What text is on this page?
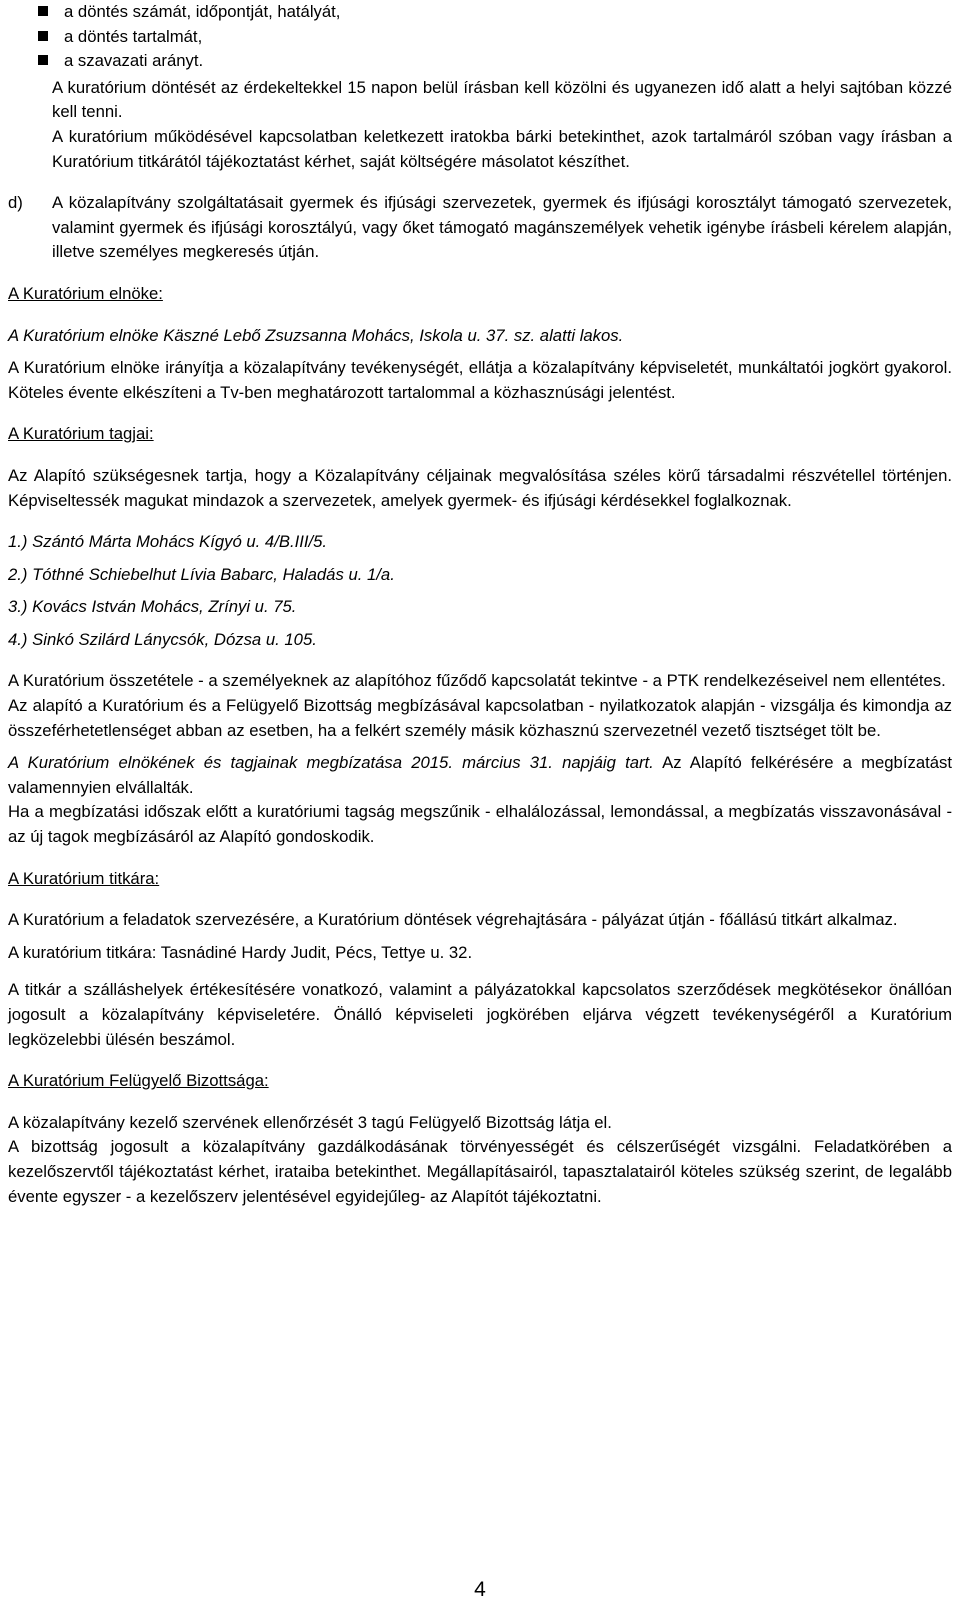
a döntés számát, időpontját, hatályát,
a döntés tartalmát,
a szavazati arányt.

A kuratórium döntését az érdekeltekkel 15 napon belül írásban kell közölni és ugyanezen idő alatt a helyi sajtóban közzé kell tenni.

A kuratórium működésével kapcsolatban keletkezett iratokba bárki betekinthet, azok tartalmáról szóban vagy írásban a Kuratórium titkárától tájékoztatást kérhet, saját költségére másolatot készíthet.

d)	A közalapítvány szolgáltatásait gyermek és ifjúsági szervezetek, gyermek és ifjúsági korosztályt támogató szervezetek, valamint gyermek és ifjúsági korosztályú, vagy őket támogató magánszemélyek vehetik igénybe írásbeli kérelem alapján, illetve személyes megkeresés útján.

A Kuratórium elnöke:

A Kuratórium elnöke Käszné Lebő Zsuzsanna Mohács, Iskola u. 37. sz. alatti lakos.

A Kuratórium elnöke irányítja a közalapítvány tevékenységét, ellátja a közalapítvány képviseletét, munkáltatói jogkört gyakorol. Köteles évente elkészíteni a Tv-ben meghatározott tartalommal a közhasznúsági jelentést.

A Kuratórium tagjai:

Az Alapító szükségesnek tartja, hogy a Közalapítvány céljainak megvalósítása széles körű társadalmi részvétellel történjen. Képviseltessék magukat mindazok a szervezetek, amelyek gyermek- és ifjúsági kérdésekkel foglalkoznak.

1.) Szántó Márta Mohács Kígyó u. 4/B.III/5.

2.) Tóthné Schiebelhut Lívia Babarc, Haladás u. 1/a.

3.) Kovács István Mohács, Zrínyi u. 75.

4.) Sinkó Szilárd Lánycsók, Dózsa u. 105.

A Kuratórium összetétele - a személyeknek az alapítóhoz fűződő kapcsolatát tekintve - a PTK rendelkezéseivel nem ellentétes.

Az alapító a Kuratórium és a Felügyelő Bizottság megbízásával kapcsolatban - nyilatkozatok alapján - vizsgálja és kimondja az összeférhetetlenséget abban az esetben, ha a felkért személy másik közhasznú szervezetnél vezető tisztséget tölt be.

A Kuratórium elnökének és tagjainak megbízatása 2015. március 31. napjáig tart. Az Alapító felkérésére a megbízatást valamennyien elvállalták.

Ha a megbízatási időszak előtt a kuratóriumi tagság megszűnik - elhalálozással, lemondással, a megbízatás visszavonásával - az új tagok megbízásáról az Alapító gondoskodik.

A Kuratórium titkára:

A Kuratórium a feladatok szervezésére, a Kuratórium döntések végrehajtására - pályázat útján - főállású titkárt alkalmaz.

A kuratórium titkára: Tasnádiné Hardy Judit, Pécs, Tettye u. 32.

A titkár a szálláshelyek értékesítésére vonatkozó, valamint a pályázatokkal kapcsolatos szerződések megkötésekor önállóan jogosult a közalapítvány képviseletére. Önálló képviseleti jogkörében eljárva végzett tevékenységéről a Kuratórium legközelebbi ülésén beszámol.

A Kuratórium Felügyelő Bizottsága:

A közalapítvány kezelő szervének ellenőrzését 3 tagú Felügyelő Bizottság látja el.

A bizottság jogosult a közalapítvány gazdálkodásának törvényességét és célszerűségét vizsgálni. Feladatkörében a kezelőszervtől tájékoztatást kérhet, irataiba betekinthet. Megállapításairól, tapasztalatairól köteles szükség szerint, de legalább évente egyszer - a kezelőszerv jelentésével egyidejűleg- az Alapítót tájékoztatni.

4
